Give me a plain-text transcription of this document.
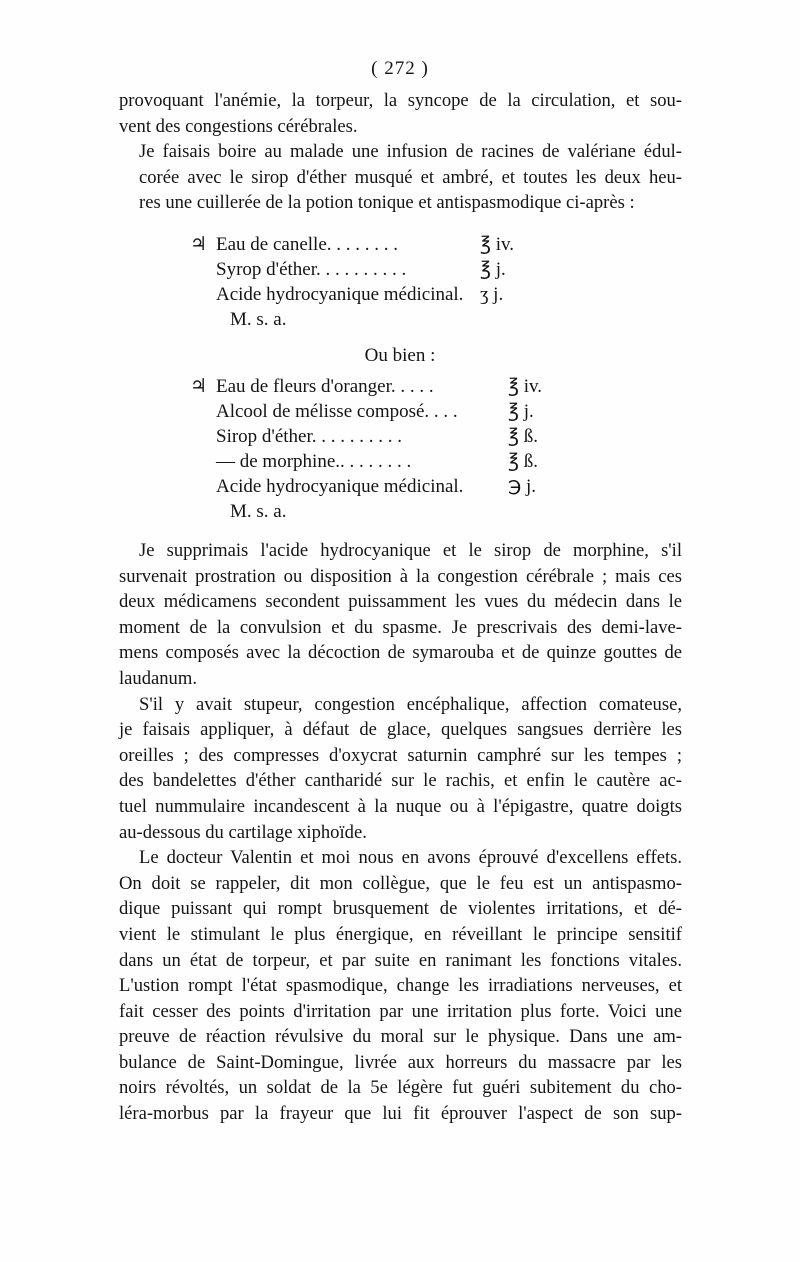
( 272 )

provoquant l'anémie, la torpeur, la syncope de la circulation, et sou-
vent des congestions cérébrales.

Je faisais boire au malade une infusion de racines de valériane édul-
corée avec le sirop d'éther musqué et ambré, et toutes les deux heu-
res une cuillerée de la potion tonique et antispasmodique ci-après :

♃ Eau de canelle. . . . . . . .	℥ iv.
Syrop d'éther. . . . . . . . . .	℥ j.
Acide hydrocyanique médicinal. ʒ j.
M. s. a.
Ou bien :
♃ Eau de fleurs d'oranger. . . . .	℥ iv.
Alcool de mélisse composé. . . .	℥ j.
Sirop d'éther. . . . . . . . . .	℥ ß.
— de morphine.. . . . . . . .	℥ ß.
Acide hydrocyanique médicinal. ℈ j.
M. s. a.

Je supprimais l'acide hydrocyanique et le sirop de morphine, s'il
survenait prostration ou disposition à la congestion cérébrale ; mais ces
deux médicamens secondent puissamment les vues du médecin dans le
moment de la convulsion et du spasme. Je prescrivais des demi-lave-
mens composés avec la décoction de symarouba et de quinze gouttes de
laudanum.

S'il y avait stupeur, congestion encéphalique, affection comateuse,
je faisais appliquer, à défaut de glace, quelques sangsues derrière les
oreilles ; des compresses d'oxycrat saturnin camphré sur les tempes ;
des bandelettes d'éther cantharidé sur le rachis, et enfin le cautère ac-
tuel nummulaire incandescent à la nuque ou à l'épigastre, quatre doigts
au-dessous du cartilage xiphoïde.

Le docteur Valentin et moi nous en avons éprouvé d'excellens effets.
On doit se rappeler, dit mon collègue, que le feu est un antispasmo-
dique puissant qui rompt brusquement de violentes irritations, et dé-
vient le stimulant le plus énergique, en réveillant le principe sensitif
dans un état de torpeur, et par suite en ranimant les fonctions vitales.
L'ustion rompt l'état spasmodique, change les irradiations nerveuses, et
fait cesser des points d'irritation par une irritation plus forte. Voici une
preuve de réaction révulsive du moral sur le physique. Dans une am-
bulance de Saint-Domingue, livrée aux horreurs du massacre par les
noirs révoltés, un soldat de la 5e légère fut guéri subitement du cho-
léra-morbus par la frayeur que lui fit éprouver l'aspect de son sup-
